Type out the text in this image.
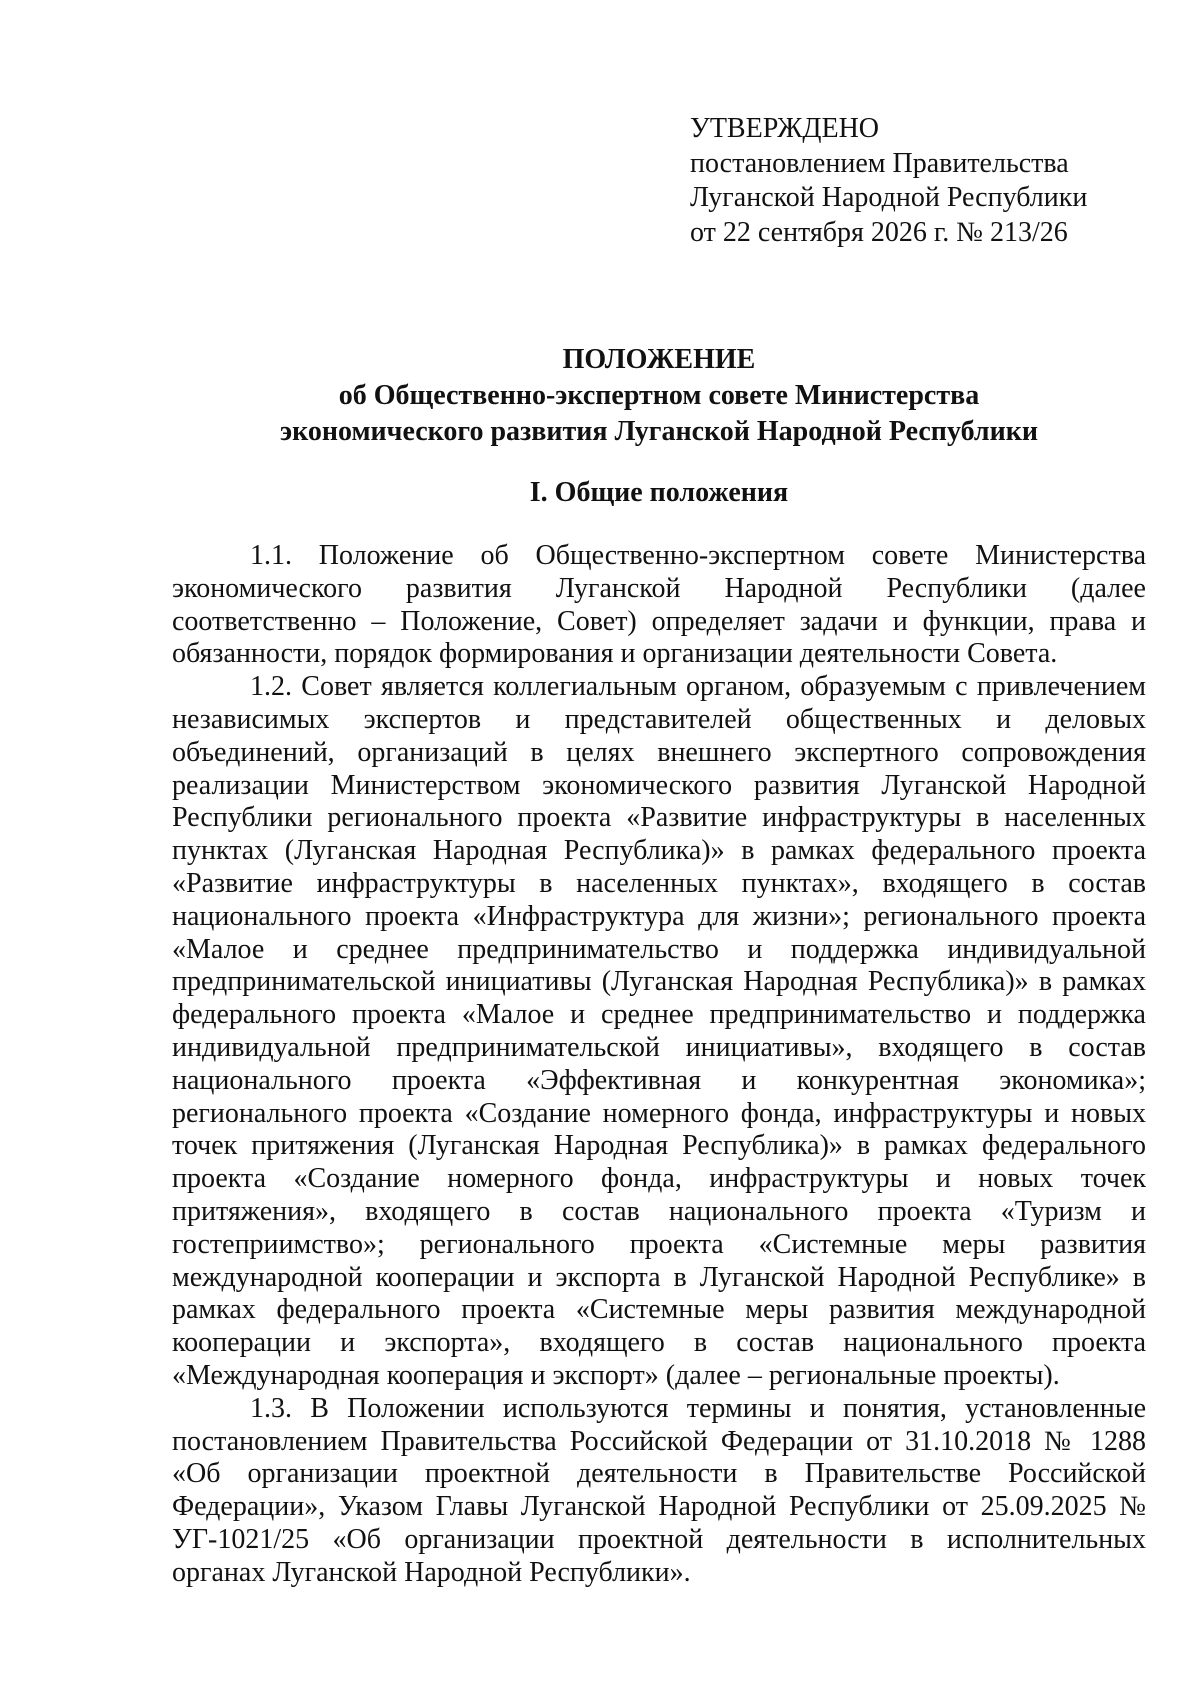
УТВЕРЖДЕНО
постановлением Правительства
Луганской Народной Республики
от 22 сентября 2026 г. № 213/26
ПОЛОЖЕНИЕ
об Общественно-экспертном совете Министерства
экономического развития Луганской Народной Республики
I. Общие положения

1.1. Положение об Общественно-экспертном совете Министерства экономического развития Луганской Народной Республики (далее соответственно – Положение, Совет) определяет задачи и функции, права и обязанности, порядок формирования и организации деятельности Совета.

1.2. Совет является коллегиальным органом, образуемым с привлечением независимых экспертов и представителей общественных и деловых объединений, организаций в целях внешнего экспертного сопровождения реализации Министерством экономического развития Луганской Народной Республики регионального проекта «Развитие инфраструктуры в населенных пунктах (Луганская Народная Республика)» в рамках федерального проекта «Развитие инфраструктуры в населенных пунктах», входящего в состав национального проекта «Инфраструктура для жизни»; регионального проекта «Малое и среднее предпринимательство и поддержка индивидуальной предпринимательской инициативы (Луганская Народная Республика)» в рамках федерального проекта «Малое и среднее предпринимательство и поддержка индивидуальной предпринимательской инициативы», входящего в состав национального проекта «Эффективная и конкурентная экономика»; регионального проекта «Создание номерного фонда, инфраструктуры и новых точек притяжения (Луганская Народная Республика)» в рамках федерального проекта «Создание номерного фонда, инфраструктуры и новых точек притяжения», входящего в состав национального проекта «Туризм и гостеприимство»; регионального проекта «Системные меры развития международной кооперации и экспорта в Луганской Народной Республике» в рамках федерального проекта «Системные меры развития международной кооперации и экспорта», входящего в состав национального проекта «Международная кооперация и экспорт» (далее – региональные проекты).

1.3. В Положении используются термины и понятия, установленные постановлением Правительства Российской Федерации от 31.10.2018 № 1288 «Об организации проектной деятельности в Правительстве Российской Федерации», Указом Главы Луганской Народной Республики от 25.09.2025 № УГ-1021/25 «Об организации проектной деятельности в исполнительных органах Луганской Народной Республики».
